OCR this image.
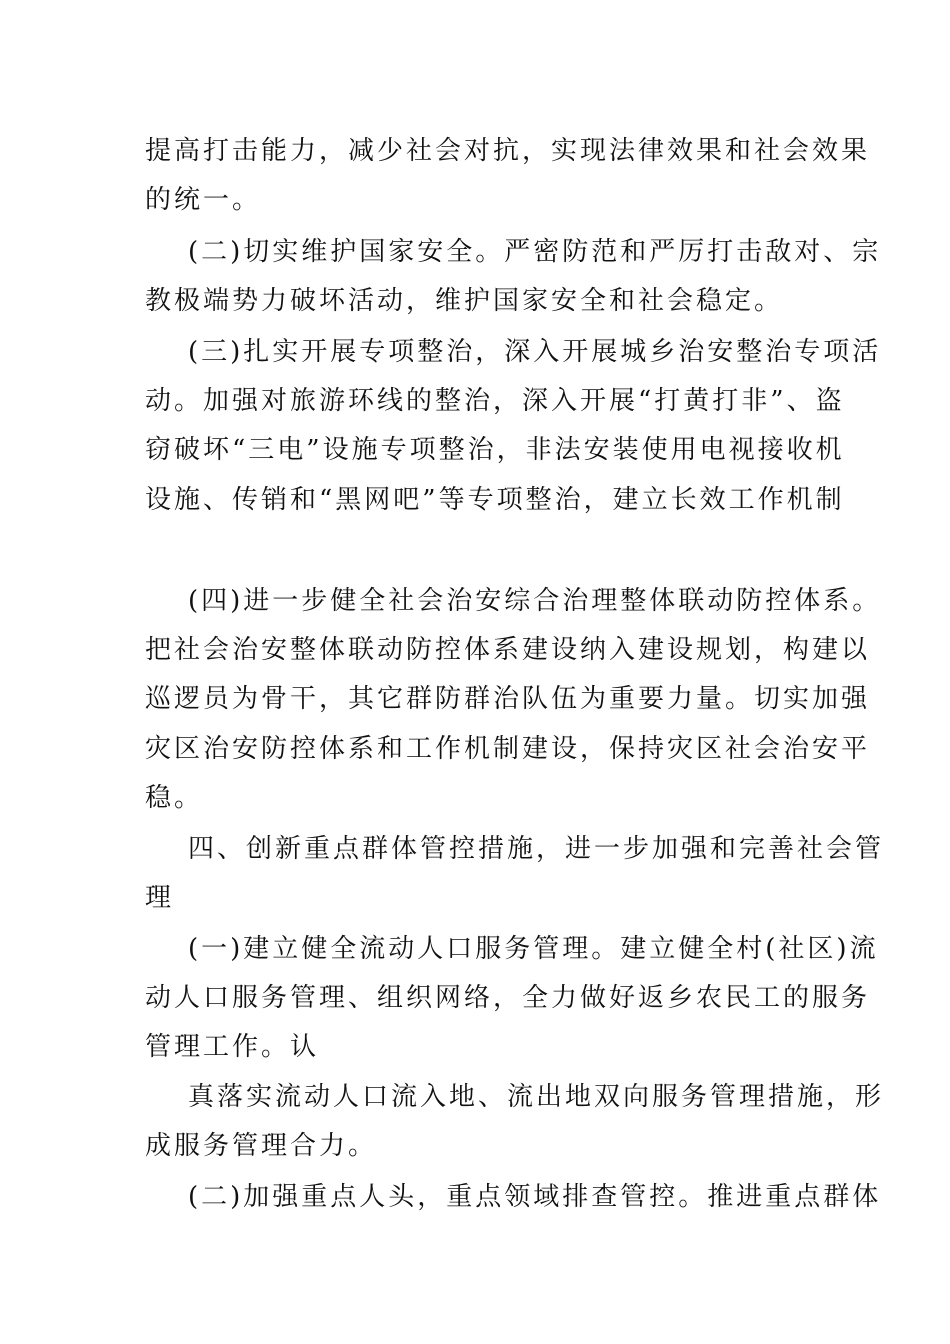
提高打击能力，减少社会对抗，实现法律效果和社会效果
的统一。
(二)切实维护国家安全。严密防范和严厉打击敌对、宗
教极端势力破坏活动，维护国家安全和社会稳定。
(三)扎实开展专项整治，深入开展城乡治安整治专项活
动。加强对旅游环线的整治，深入开展“打黄打非”、盗
窃破坏“三电”设施专项整治，非法安装使用电视接收机
设施、传销和“黑网吧”等专项整治，建立长效工作机制
(四)进一步健全社会治安综合治理整体联动防控体系。
把社会治安整体联动防控体系建设纳入建设规划，构建以
巡逻员为骨干，其它群防群治队伍为重要力量。切实加强
灾区治安防控体系和工作机制建设，保持灾区社会治安平
稳。
四、创新重点群体管控措施，进一步加强和完善社会管
理
(一)建立健全流动人口服务管理。建立健全村(社区)流
动人口服务管理、组织网络，全力做好返乡农民工的服务
管理工作。认
真落实流动人口流入地、流出地双向服务管理措施，形
成服务管理合力。
(二)加强重点人头，重点领域排查管控。推进重点群体
